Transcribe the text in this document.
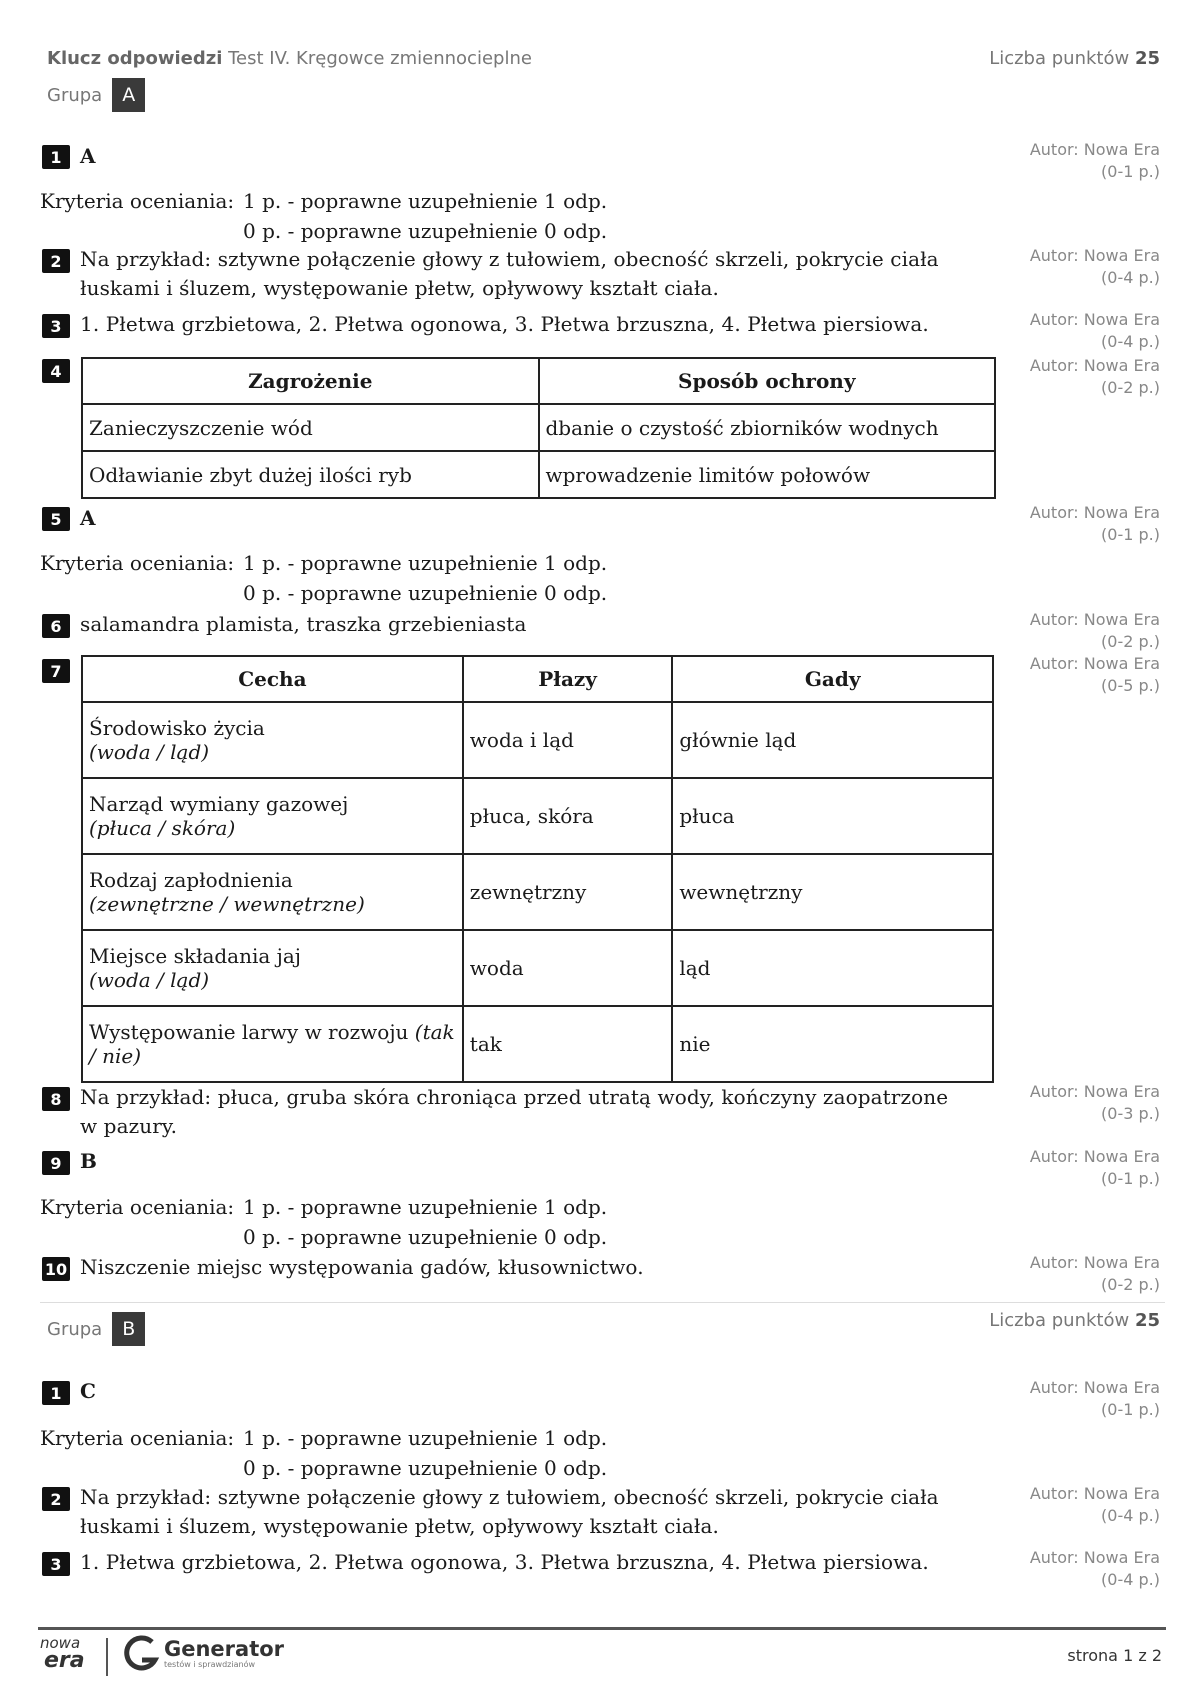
Klucz odpowiedzi Test IV. Kręgowce zmiennocieplne	Liczba punktów 25
Grupa	A
1 A	Autor: Nowa Era
(0-1 p.)
Kryteria oceniania: 1 p. - poprawne uzupełnienie 1 odp.
0 p. - poprawne uzupełnienie 0 odp.
2 Na przykład: sztywne połączenie głowy z tułowiem, obecność skrzeli, pokrycie ciała
łuskami i śluzem, występowanie płetw, opływowy kształt ciała.
Autor: Nowa Era
(0-4 p.)
3 1. Płetwa grzbietowa, 2. Płetwa ogonowa, 3. Płetwa brzuszna, 4. Płetwa piersiowa.	Autor: Nowa Era
(0-4 p.)
4	Zagrożenie	Sposób ochrony
Zanieczyszczenie wód	dbanie o czystość zbiorników wodnych
Odławianie zbyt dużej ilości ryb	wprowadzenie limitów połowów
Autor: Nowa Era
(0-2 p.)
5 A	Autor: Nowa Era
(0-1 p.)
Kryteria oceniania: 1 p. - poprawne uzupełnienie 1 odp.
0 p. - poprawne uzupełnienie 0 odp.
6 salamandra plamista, traszka grzebieniasta	Autor: Nowa Era
(0-2 p.)
7	Cecha	Płazy	Gady

Środowisko życia
(woda / ląd)	woda i ląd	głównie ląd

Narząd wymiany gazowej
(płuca / skóra)	płuca, skóra	płuca

Rodzaj zapłodnienia
(zewnętrzne / wewnętrzne)	zewnętrzny	wewnętrzny

Miejsce składania jaj
(woda / ląd)	woda	ląd
Występowanie larwy w rozwoju (tak / nie)	tak	nie
Autor: Nowa Era
(0-5 p.)
8 Na przykład: płuca, gruba skóra chroniąca przed utratą wody, kończyny zaopatrzone
w pazury.
Autor: Nowa Era
(0-3 p.)
9 B	Autor: Nowa Era
(0-1 p.)
Kryteria oceniania: 1 p. - poprawne uzupełnienie 1 odp.
0 p. - poprawne uzupełnienie 0 odp.
10 Niszczenie miejsc występowania gadów, kłusownictwo.	Autor: Nowa Era
(0-2 p.)
Grupa	B	Liczba punktów 25
1 C	Autor: Nowa Era
(0-1 p.)
Kryteria oceniania: 1 p. - poprawne uzupełnienie 1 odp.
0 p. - poprawne uzupełnienie 0 odp.
2 Na przykład: sztywne połączenie głowy z tułowiem, obecność skrzeli, pokrycie ciała
łuskami i śluzem, występowanie płetw, opływowy kształt ciała.
Autor: Nowa Era
(0-4 p.)
3 1. Płetwa grzbietowa, 2. Płetwa ogonowa, 3. Płetwa brzuszna, 4. Płetwa piersiowa.	Autor: Nowa Era
(0-4 p.)
nowa
era	Generator
testów i sprawdzianów	strona 1 z 2
